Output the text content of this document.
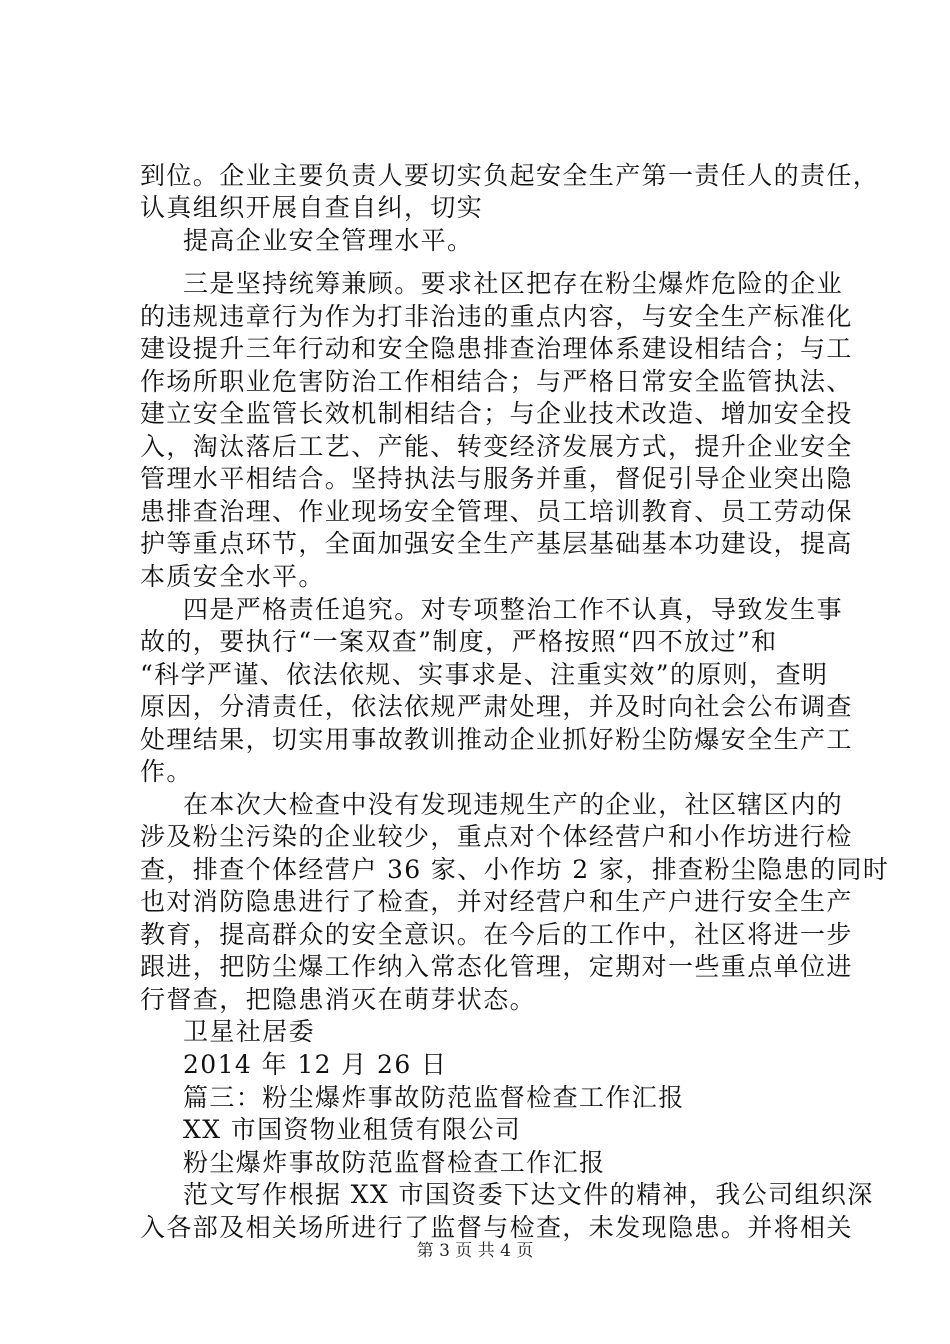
到位。企业主要负责人要切实负起安全生产第一责任人的责任，
认真组织开展自查自纠，切实
提高企业安全管理水平。
三是坚持统筹兼顾。要求社区把存在粉尘爆炸危险的企业
的违规违章行为作为打非治违的重点内容，与安全生产标准化
建设提升三年行动和安全隐患排查治理体系建设相结合；与工
作场所职业危害防治工作相结合；与严格日常安全监管执法、
建立安全监管长效机制相结合；与企业技术改造、增加安全投
入，淘汰落后工艺、产能、转变经济发展方式，提升企业安全
管理水平相结合。坚持执法与服务并重，督促引导企业突出隐
患排查治理、作业现场安全管理、员工培训教育、员工劳动保
护等重点环节，全面加强安全生产基层基础基本功建设，提高
本质安全水平。
四是严格责任追究。对专项整治工作不认真，导致发生事
故的，要执行“一案双查”制度，严格按照“四不放过”和
“科学严谨、依法依规、实事求是、注重实效”的原则，查明
原因，分清责任，依法依规严肃处理，并及时向社会公布调查
处理结果，切实用事故教训推动企业抓好粉尘防爆安全生产工
作。
在本次大检查中没有发现违规生产的企业，社区辖区内的
涉及粉尘污染的企业较少，重点对个体经营户和小作坊进行检
查，排查个体经营户 36 家、小作坊 2 家，排查粉尘隐患的同时
也对消防隐患进行了检查，并对经营户和生产户进行安全生产
教育，提高群众的安全意识。在今后的工作中，社区将进一步
跟进，把防尘爆工作纳入常态化管理，定期对一些重点单位进
行督查，把隐患消灭在萌芽状态。
卫星社居委
2014 年 12 月 26 日
篇三：粉尘爆炸事故防范监督检查工作汇报
XX 市国资物业租赁有限公司
粉尘爆炸事故防范监督检查工作汇报
范文写作根据 XX 市国资委下达文件的精神，我公司组织深
入各部及相关场所进行了监督与检查，未发现隐患。并将相关
第 3 页 共 4 页
